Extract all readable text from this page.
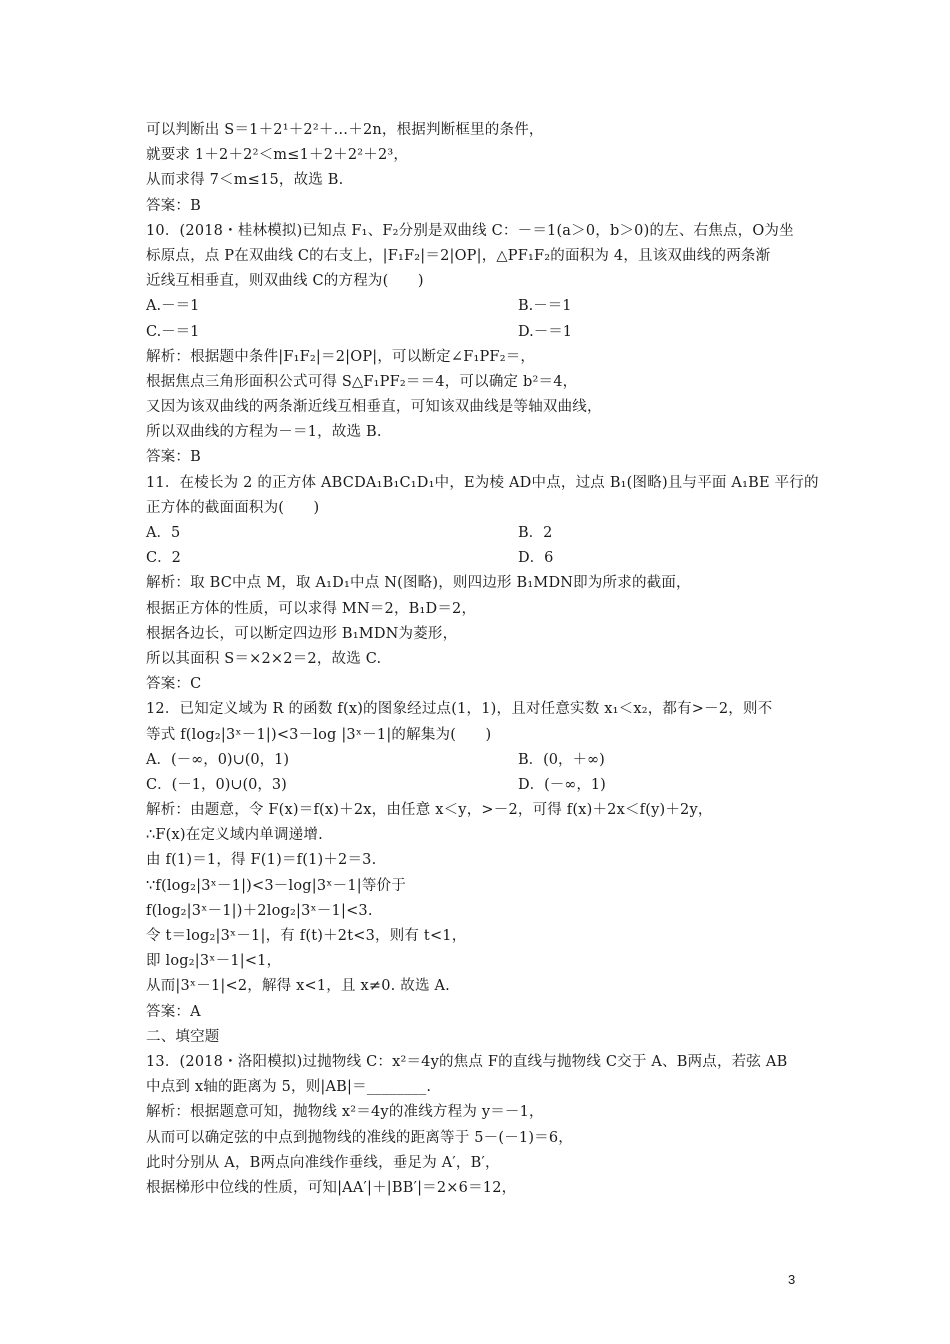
可以判断出 S＝1＋2¹＋2²＋…＋2n，根据判断框里的条件，
就要求 1＋2＋2²＜m≤1＋2＋2²＋2³，
从而求得 7＜m≤15，故选 B.
答案：B
10．(2018・桂林模拟)已知点 F₁、F₂分别是双曲线 C：－＝1(a＞0，b＞0)的左、右焦点，O为坐
标原点，点 P在双曲线 C的右支上，|F₁F₂|＝2|OP|，△PF₁F₂的面积为 4，且该双曲线的两条渐
近线互相垂直，则双曲线 C的方程为(　　)
A.－＝1	B.－＝1
C.－＝1	D.－＝1
解析：根据题中条件|F₁F₂|＝2|OP|，可以断定∠F₁PF₂＝，
根据焦点三角形面积公式可得 S△F₁PF₂＝＝4，可以确定 b²＝4，
又因为该双曲线的两条渐近线互相垂直，可知该双曲线是等轴双曲线，
所以双曲线的方程为－＝1，故选 B.
答案：B
11．在棱长为 2 的正方体 ABCDA₁B₁C₁D₁中，E为棱 AD中点，过点 B₁(图略)且与平面 A₁BE 平行的
正方体的截面面积为(　　)
A．5	B．2
C．2	D．6
解析：取 BC中点 M，取 A₁D₁中点 N(图略)，则四边形 B₁MDN即为所求的截面，
根据正方体的性质，可以求得 MN＝2，B₁D＝2，
根据各边长，可以断定四边形 B₁MDN为菱形，
所以其面积 S＝×2×2＝2，故选 C.
答案：C
12．已知定义域为 R 的函数 f(x)的图象经过点(1，1)，且对任意实数 x₁＜x₂，都有>－2，则不
等式 f(log₂|3ˣ－1|)<3－log |3ˣ－1|的解集为(　　)
A．(－∞，0)∪(0，1)	B．(0，＋∞)
C．(－1，0)∪(0，3)	D．(－∞，1)
解析：由题意，令 F(x)＝f(x)＋2x，由任意 x＜y，>－2，可得 f(x)＋2x＜f(y)＋2y，
∴F(x)在定义域内单调递增.
由 f(1)＝1，得 F(1)＝f(1)＋2＝3.
∵f(log₂|3ˣ－1|)<3－log|3ˣ－1|等价于
f(log₂|3ˣ－1|)＋2log₂|3ˣ－1|<3.
令 t＝log₂|3ˣ－1|，有 f(t)＋2t<3，则有 t<1，
即 log₂|3ˣ－1|<1，
从而|3ˣ－1|<2，解得 x<1，且 x≠0. 故选 A.
答案：A
二、填空题
13．(2018・洛阳模拟)过抛物线 C：x²＝4y的焦点 F的直线与抛物线 C交于 A、B两点，若弦 AB
中点到 x轴的距离为 5，则|AB|＝________.
解析：根据题意可知，抛物线 x²＝4y的准线方程为 y＝－1，
从而可以确定弦的中点到抛物线的准线的距离等于 5－(－1)＝6，
此时分别从 A，B两点向准线作垂线，垂足为 A′，B′，
根据梯形中位线的性质，可知|AA′|＋|BB′|＝2×6＝12，
3
